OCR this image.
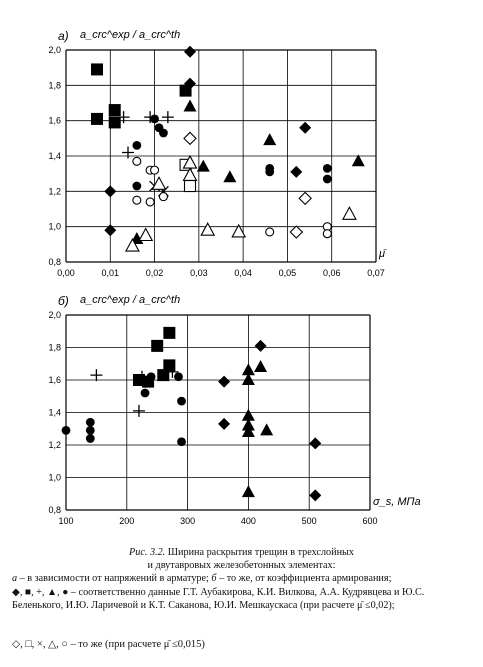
0,00	0,01	0,02	0,03	0,04	0,05	0,06	0,07
0,8
1,0
1,2
1,4
1,6
1,8
2,0
а) a_crc^exp / a_crc^th
μ̄
100	200	300	400	500	600
0,8
1,0
1,2
1,4
1,6
1,8
2,0
б) a_crc^exp / a_crc^th
σ_s, МПа
Рис. 3.2. Ширина раскрытия трещин в трехслойных
и двутавровых железобетонных элементах:
а – в зависимости от напряжений в арматуре; б – то же, от коэффициента армирования;
◆, ■, +, ▲, ● – соответственно данные Г.Т. Аубакирова, К.И. Вилкова, А.А. Кудрявцева и Ю.С. Беленького, И.Ю. Ларичевой и К.Т. Саканова, Ю.И. Мешкаускаса (при расчете μ̄ ≤0,02);
◇, □, ×, △, ○ – то же (при расчете μ̄ ≤0,015)
